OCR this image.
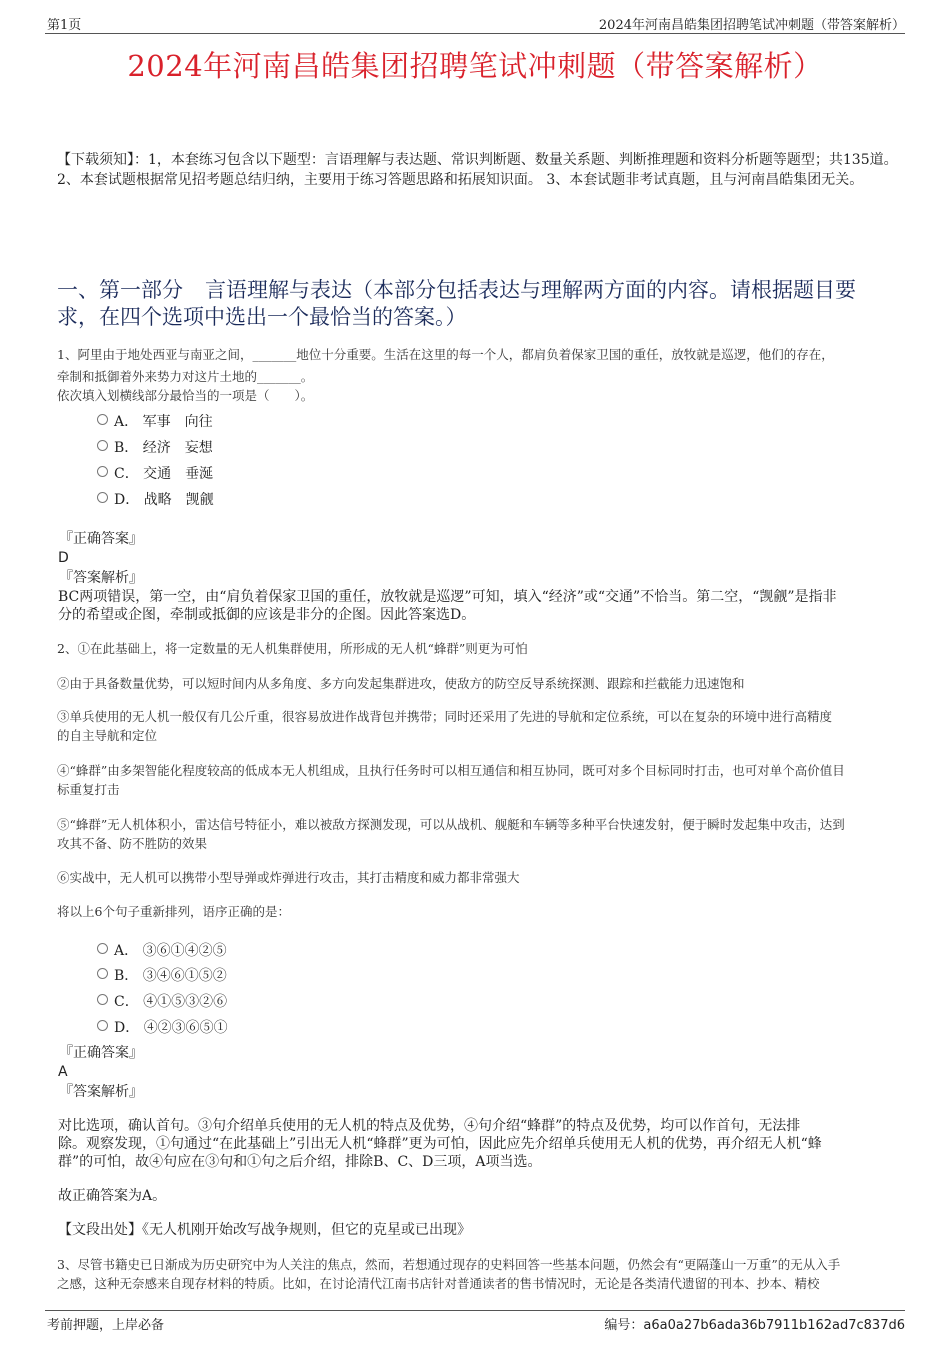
第1页	2024年河南昌皓集团招聘笔试冲刺题（带答案解析）
2024年河南昌皓集团招聘笔试冲刺题（带答案解析）
【下载须知】：1，本套练习包含以下题型：言语理解与表达题、常识判断题、数量关系题、判断推理题和资料分析题等题型；共135道。 2、本套试题根据常见招考题总结归纳，主要用于练习答题思路和拓展知识面。 3、本套试题非考试真题，且与河南昌皓集团无关。
一、第一部分 言语理解与表达（本部分包括表达与理解两方面的内容。请根据题目要求，在四个选项中选出一个最恰当的答案。）
1、阿里由于地处西亚与南亚之间，_______地位十分重要。生活在这里的每一个人，都肩负着保家卫国的重任，放牧就是巡逻，他们的存在，
牵制和抵御着外来势力对这片土地的_______。
依次填入划横线部分最恰当的一项是（　　）。
A． 军事　向往
B． 经济　妄想
C． 交通　垂涎
D． 战略　觊觎
『正确答案』
D
『答案解析』
BC两项错误，第一空，由“肩负着保家卫国的重任，放牧就是巡逻”可知，填入“经济”或“交通”不恰当。第二空，“觊觎”是指非
分的希望或企图，牵制或抵御的应该是非分的企图。因此答案选D。
2、①在此基础上，将一定数量的无人机集群使用，所形成的无人机“蜂群”则更为可怕
②由于具备数量优势，可以短时间内从多角度、多方向发起集群进攻，使敌方的防空反导系统探测、跟踪和拦截能力迅速饱和
③单兵使用的无人机一般仅有几公斤重，很容易放进作战背包并携带；同时还采用了先进的导航和定位系统，可以在复杂的环境中进行高精度
的自主导航和定位
④“蜂群”由多架智能化程度较高的低成本无人机组成，且执行任务时可以相互通信和相互协同，既可对多个目标同时打击，也可对单个高价值目
标重复打击
⑤“蜂群”无人机体积小，雷达信号特征小，难以被敌方探测发现，可以从战机、舰艇和车辆等多种平台快速发射，便于瞬时发起集中攻击，达到
攻其不备、防不胜防的效果
⑥实战中，无人机可以携带小型导弹或炸弹进行攻击，其打击精度和威力都非常强大
将以上6个句子重新排列，语序正确的是：
A． ③⑥①④②⑤
B． ③④⑥①⑤②
C． ④①⑤③②⑥
D． ④②③⑥⑤①
『正确答案』
A
『答案解析』
对比选项，确认首句。③句介绍单兵使用的无人机的特点及优势，④句介绍“蜂群”的特点及优势，均可以作首句，无法排
除。观察发现，①句通过“在此基础上”引出无人机“蜂群”更为可怕，因此应先介绍单兵使用无人机的优势，再介绍无人机“蜂
群”的可怕，故④句应在③句和①句之后介绍，排除B、C、D三项，A项当选。
故正确答案为A。
【文段出处】《无人机刚开始改写战争规则，但它的克星或已出现》
3、尽管书籍史已日渐成为历史研究中为人关注的焦点，然而，若想通过现存的史料回答一些基本问题，仍然会有“更隔蓬山一万重”的无从入手
之感，这种无奈感来自现存材料的特质。比如，在讨论清代江南书店针对普通读者的售书情况时，无论是各类清代遗留的刊本、抄本、精校
考前押题，上岸必备	编号：a6a0a27b6ada36b7911b162ad7c837d6
